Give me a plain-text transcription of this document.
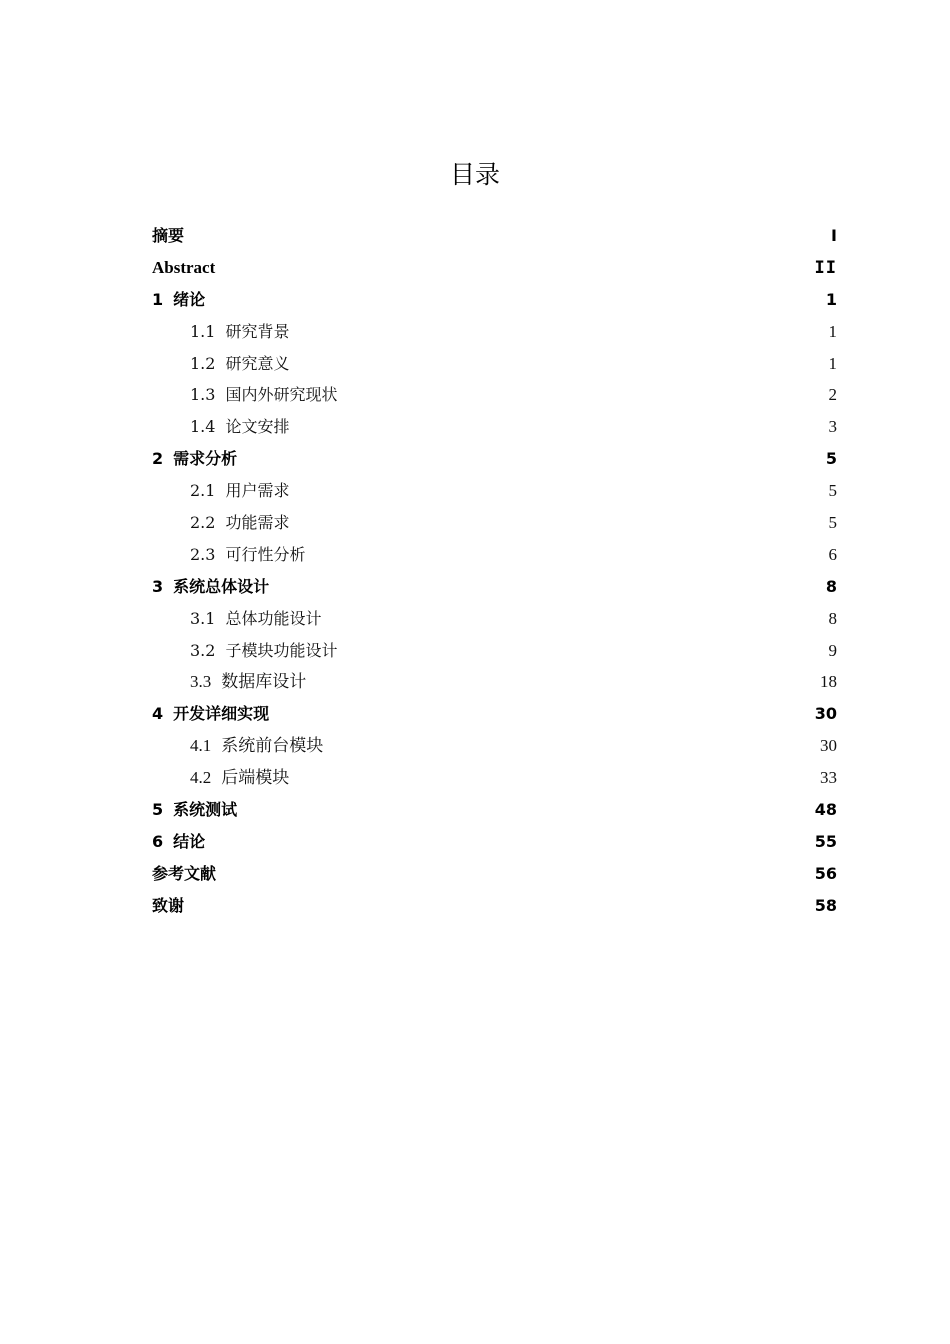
目录
摘要	I
Abstract	II
1 绪论	1
1.1 研究背景	1
1.2 研究意义	1
1.3 国内外研究现状	2
1.4 论文安排	3
2 需求分析	5
2.1 用户需求	5
2.2 功能需求	5
2.3 可行性分析	6
3 系统总体设计	8
3.1 总体功能设计	8
3.2 子模块功能设计	9
3.3 数据库设计	18
4 开发详细实现	30
4.1 系统前台模块	30
4.2 后端模块	33
5 系统测试	48
6 结论	55
参考文献	56
致谢	58
